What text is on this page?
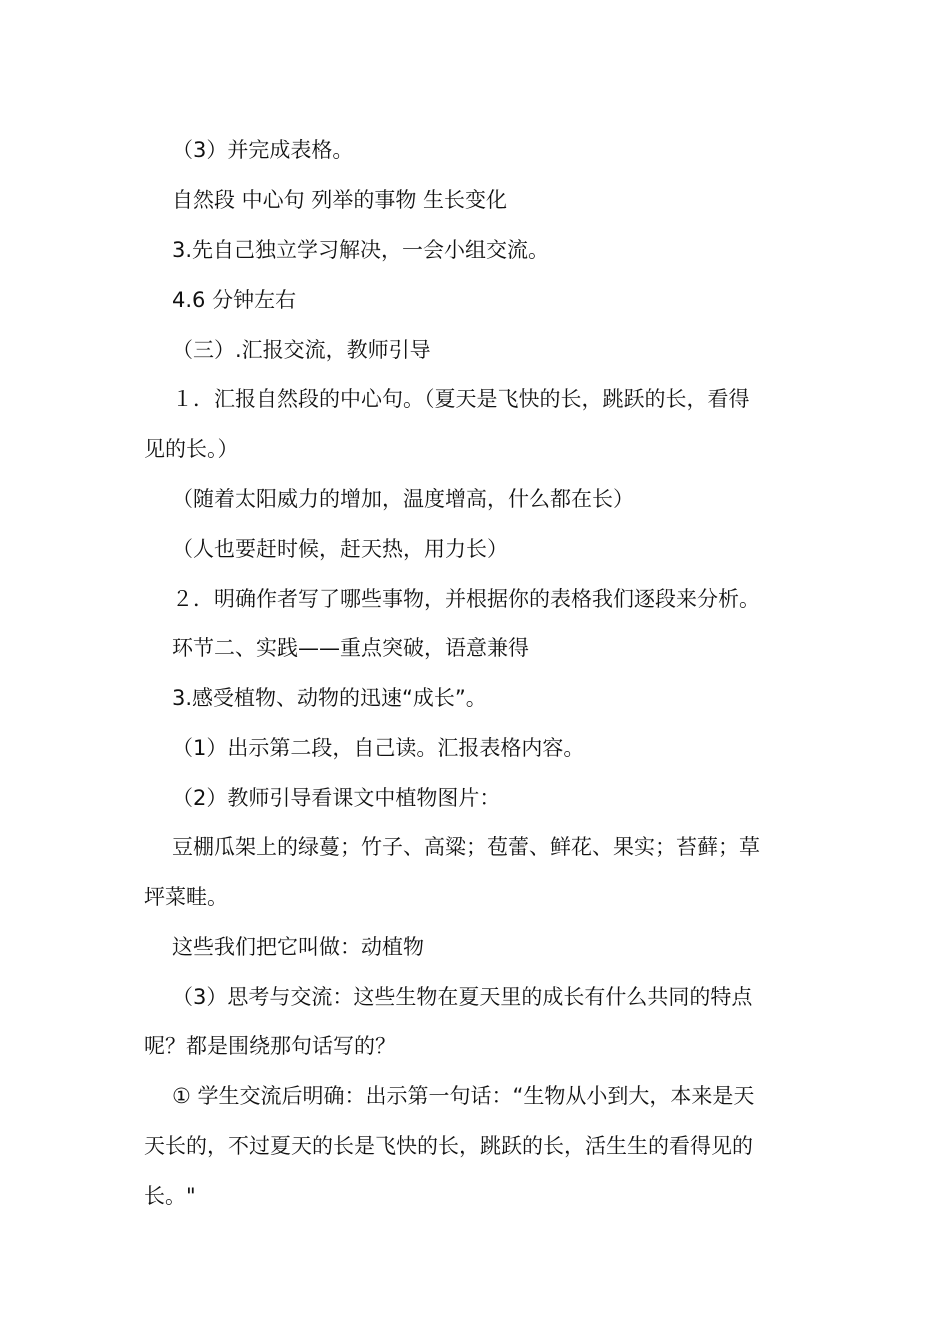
（3）并完成表格。
自然段 中心句 列举的事物 生长变化
3.先自己独立学习解决，一会小组交流。
4.6 分钟左右
（三）.汇报交流，教师引导
１．汇报自然段的中心句。（夏天是飞快的长，跳跃的长，看得
见的长。）
（随着太阳威力的增加，温度增高，什么都在长）
（人也要赶时候，赶天热，用力长）
２．明确作者写了哪些事物，并根据你的表格我们逐段来分析。
环节二、实践——重点突破，语意兼得
3.感受植物、动物的迅速“成长”。
（1）出示第二段，自己读。汇报表格内容。
（2）教师引导看课文中植物图片：
豆棚瓜架上的绿蔓；竹子、高粱；苞蕾、鲜花、果实；苔藓；草
坪菜畦。
这些我们把它叫做：动植物
（3）思考与交流：这些生物在夏天里的成长有什么共同的特点
呢？都是围绕那句话写的？
① 学生交流后明确：出示第一句话：“生物从小到大，本来是天
天长的，不过夏天的长是飞快的长，跳跃的长，活生生的看得见的
长。"
